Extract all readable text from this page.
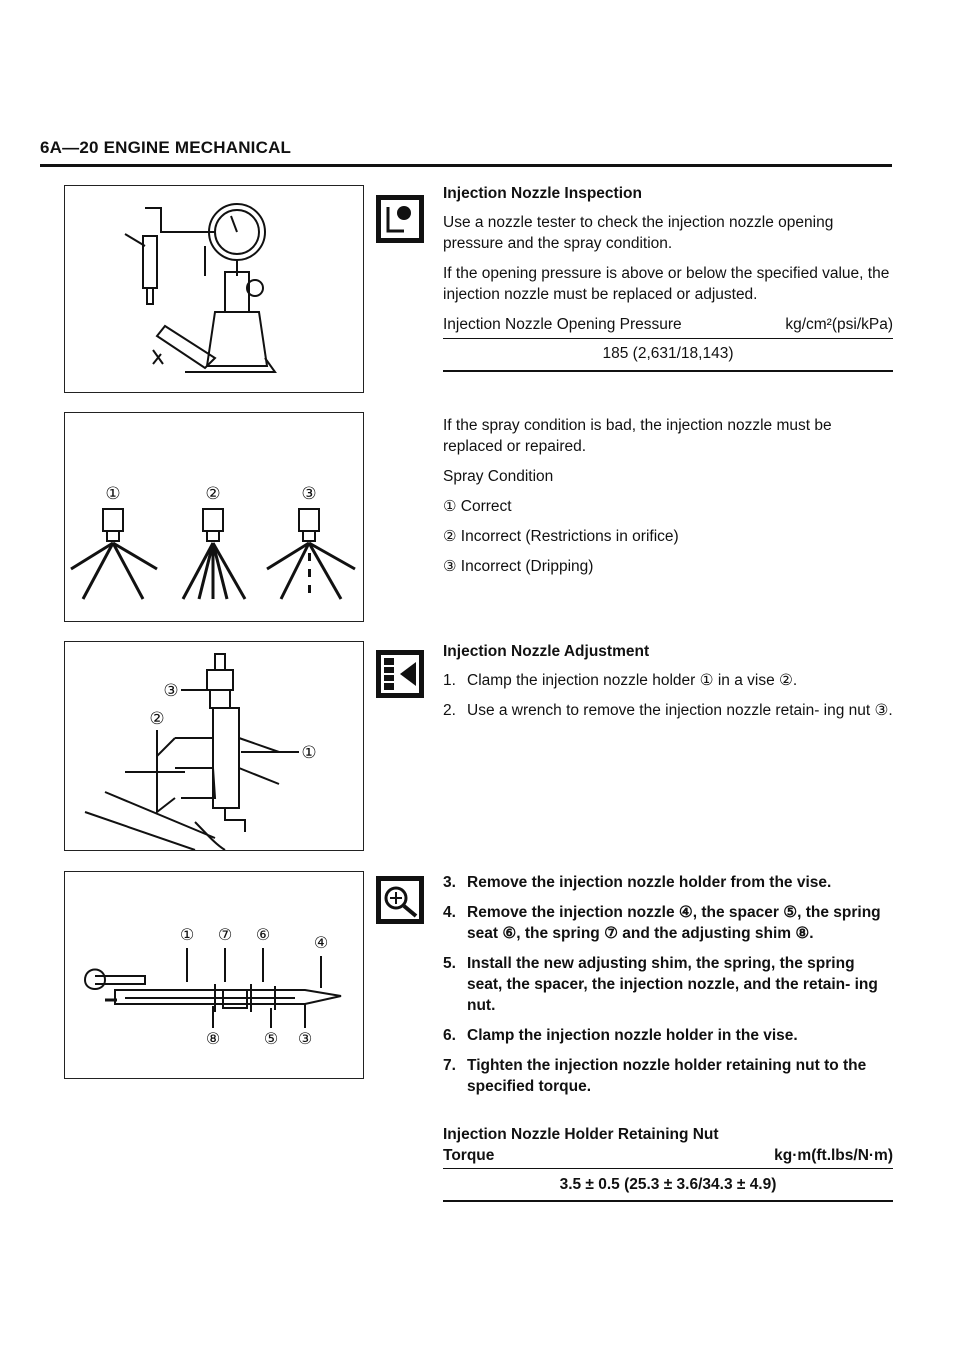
6A—20 ENGINE MECHANICAL

Injection Nozzle Inspection

Use a nozzle tester to check the injection nozzle opening pressure and the spray condition.

If the opening pressure is above or below the specified value, the injection nozzle must be replaced or adjusted.

Injection Nozzle Opening Pressure	kg/cm²(psi/kPa)
185 (2,631/18,143)
①	②	③

If the spray condition is bad, the injection nozzle must be replaced or repaired.

Spray Condition

① Correct
② Incorrect (Restrictions in orifice)
③ Incorrect (Dripping)
③
②
①

Injection Nozzle Adjustment

1. Clamp the injection nozzle holder ① in a vise ②.
2. Use a wrench to remove the injection nozzle retain- ing nut ③.
① ⑦ ⑥	④
⑧	⑤ ③
3. Remove the injection nozzle holder from the vise.
4. Remove the injection nozzle ④, the spacer ⑤, the spring seat ⑥, the spring ⑦ and the adjusting shim ⑧.
5. Install the new adjusting shim, the spring, the spring seat, the spacer, the injection nozzle, and the retain- ing nut.
6. Clamp the injection nozzle holder in the vise.
7. Tighten the injection nozzle holder retaining nut to the specified torque.
Injection Nozzle Holder Retaining Nut
Torque	kg·m(ft.lbs/N·m)
3.5 ± 0.5 (25.3 ± 3.6/34.3 ± 4.9)
